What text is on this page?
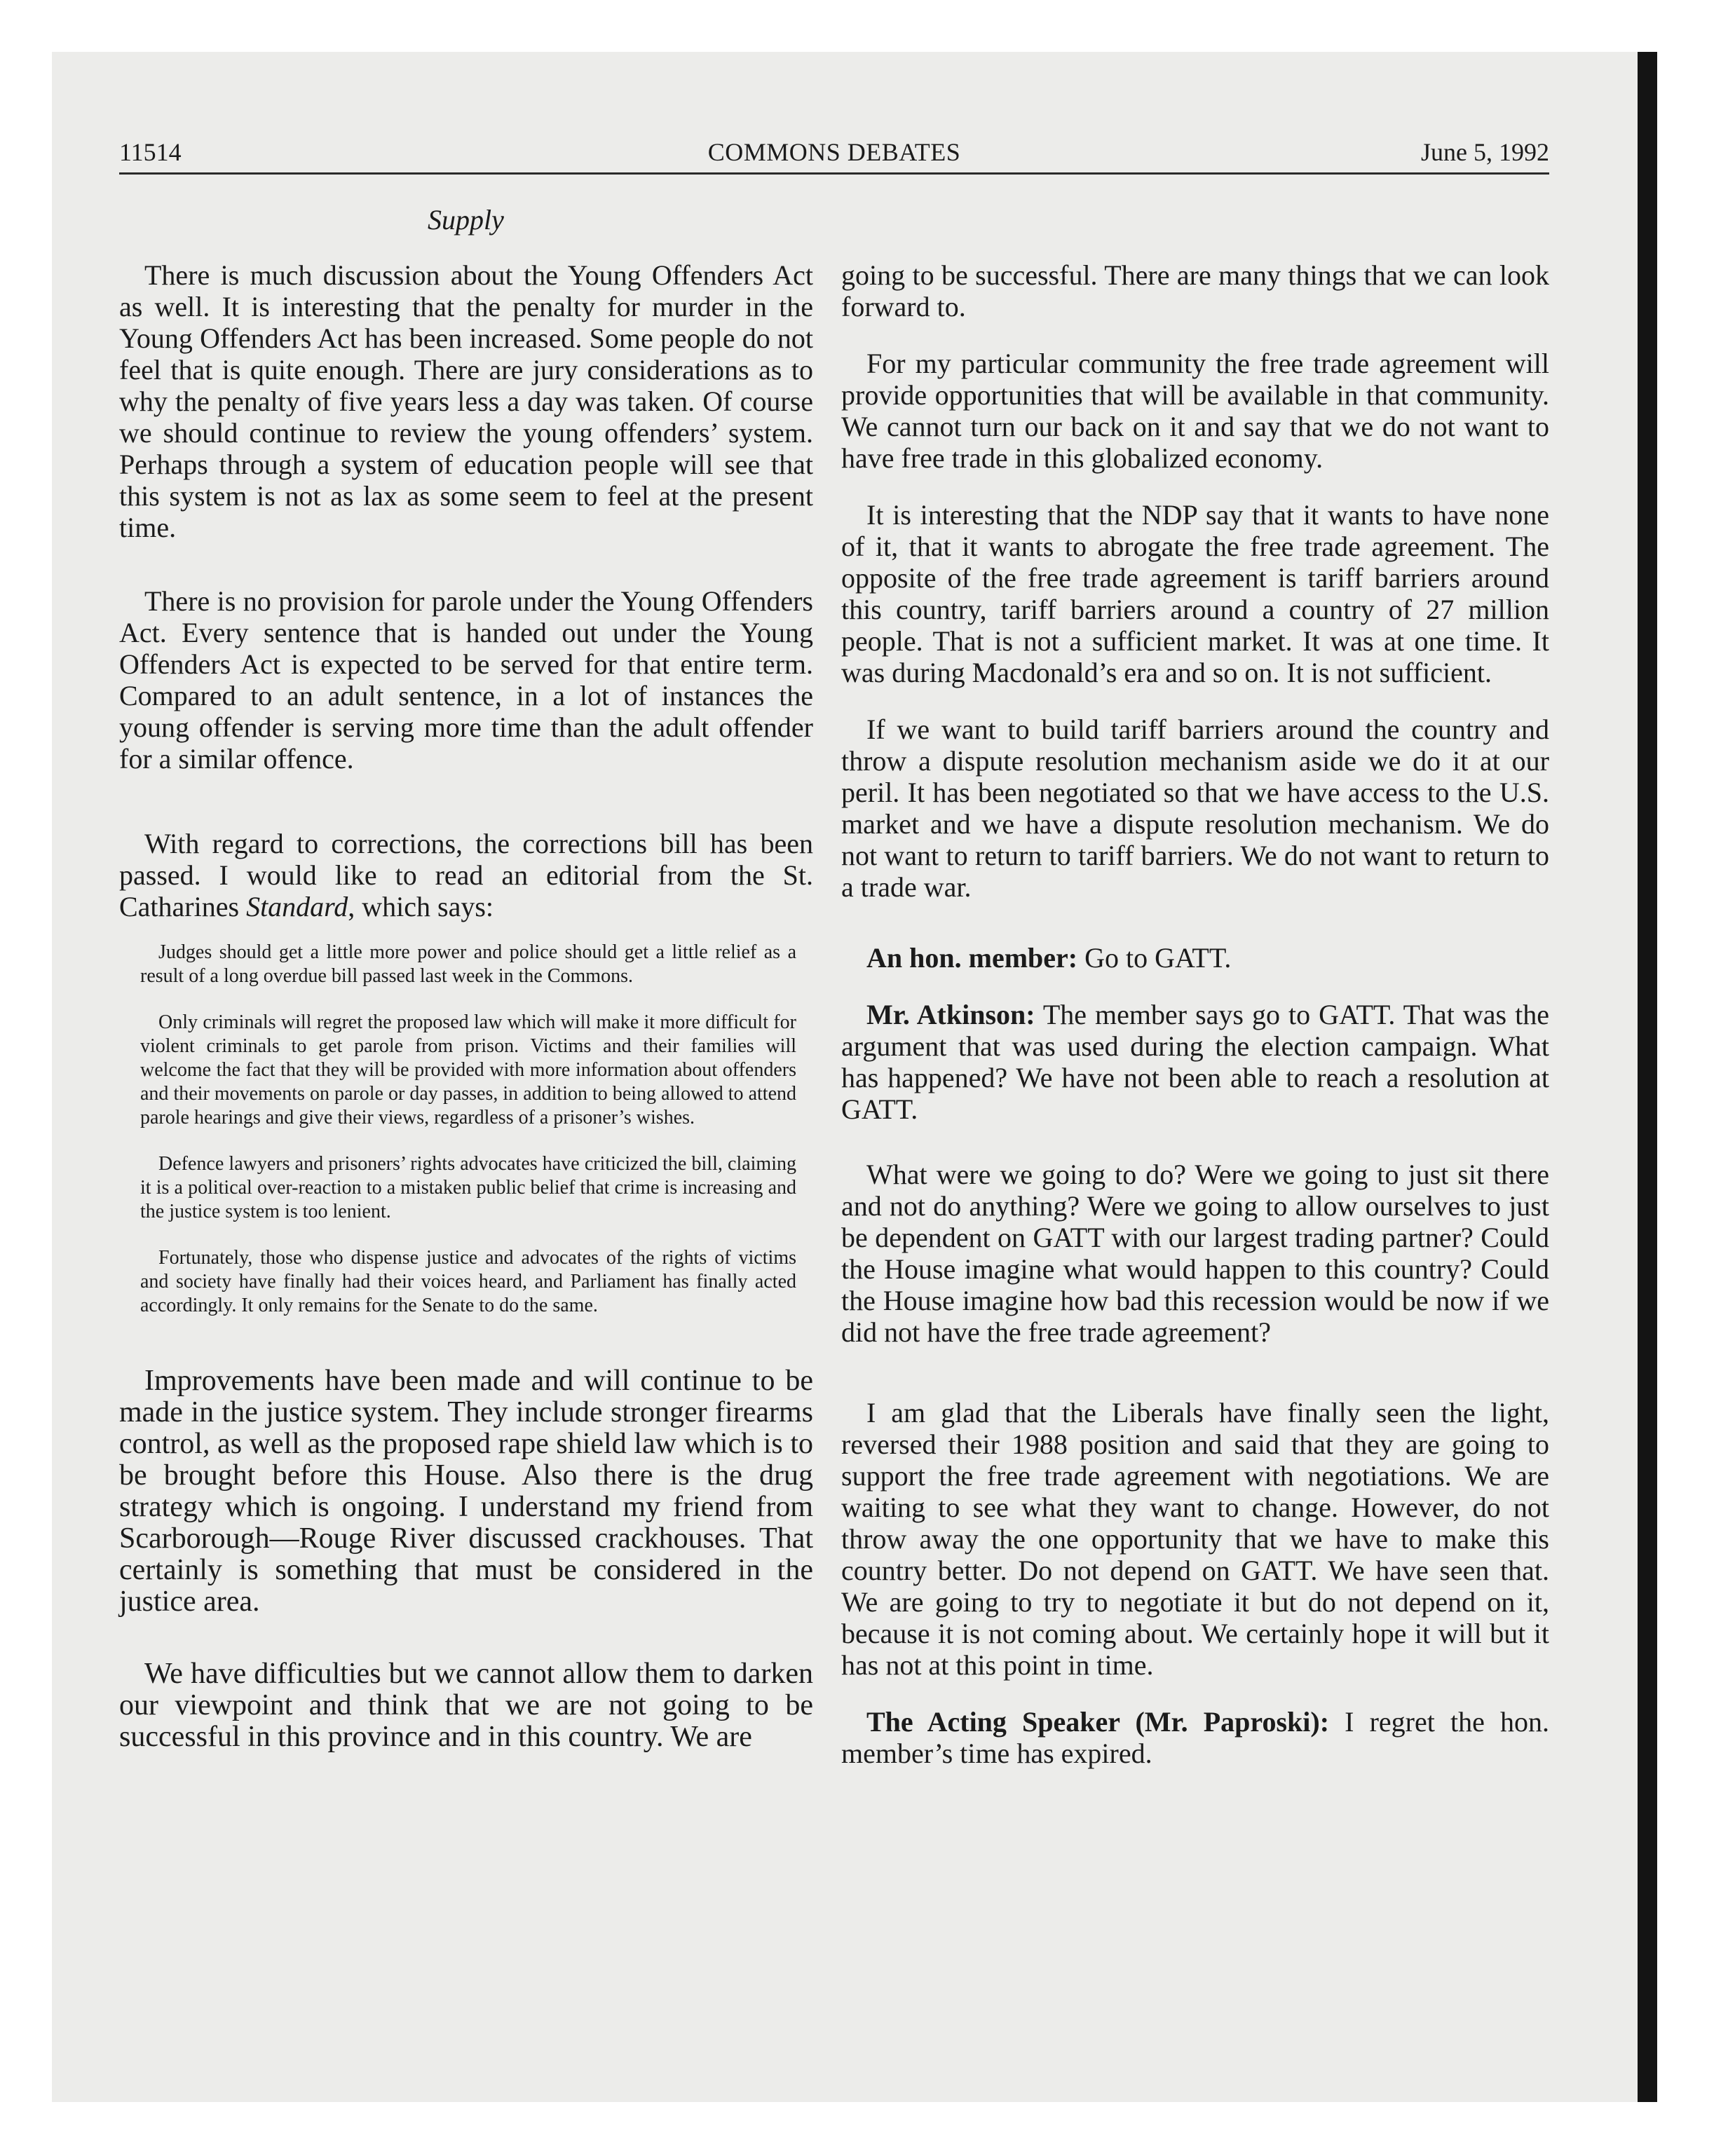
11514	COMMONS DEBATES	June 5, 1992
Supply

There is much discussion about the Young Offenders Act as well. It is interesting that the penalty for murder in the Young Offenders Act has been increased. Some people do not feel that is quite enough. There are jury considerations as to why the penalty of five years less a day was taken. Of course we should continue to review the young offenders’ system. Perhaps through a system of education people will see that this system is not as lax as some seem to feel at the present time.

There is no provision for parole under the Young Offenders Act. Every sentence that is handed out under the Young Offenders Act is expected to be served for that entire term. Compared to an adult sentence, in a lot of instances the young offender is serving more time than the adult offender for a similar offence.

With regard to corrections, the corrections bill has been passed. I would like to read an editorial from the St. Catharines Standard, which says:

Judges should get a little more power and police should get a little relief as a result of a long overdue bill passed last week in the Commons.

Only criminals will regret the proposed law which will make it more difficult for violent criminals to get parole from prison. Victims and their families will welcome the fact that they will be provided with more information about offenders and their movements on parole or day passes, in addition to being allowed to attend parole hearings and give their views, regardless of a prisoner’s wishes.

Defence lawyers and prisoners’ rights advocates have criticized the bill, claiming it is a political over-reaction to a mistaken public belief that crime is increasing and the justice system is too lenient.

Fortunately, those who dispense justice and advocates of the rights of victims and society have finally had their voices heard, and Parliament has finally acted accordingly. It only remains for the Senate to do the same.

Improvements have been made and will continue to be made in the justice system. They include stronger firearms control, as well as the proposed rape shield law which is to be brought before this House. Also there is the drug strategy which is ongoing. I understand my friend from Scarborough—Rouge River discussed crackhouses. That certainly is something that must be considered in the justice area.

We have difficulties but we cannot allow them to darken our viewpoint and think that we are not going to be successful in this province and in this country. We are

going to be successful. There are many things that we can look forward to.

For my particular community the free trade agreement will provide opportunities that will be available in that community. We cannot turn our back on it and say that we do not want to have free trade in this globalized economy.

It is interesting that the NDP say that it wants to have none of it, that it wants to abrogate the free trade agreement. The opposite of the free trade agreement is tariff barriers around this country, tariff barriers around a country of 27 million people. That is not a sufficient market. It was at one time. It was during Macdonald’s era and so on. It is not sufficient.

If we want to build tariff barriers around the country and throw a dispute resolution mechanism aside we do it at our peril. It has been negotiated so that we have access to the U.S. market and we have a dispute resolution mechanism. We do not want to return to tariff barriers. We do not want to return to a trade war.

An hon. member: Go to GATT.

Mr. Atkinson: The member says go to GATT. That was the argument that was used during the election campaign. What has happened? We have not been able to reach a resolution at GATT.

What were we going to do? Were we going to just sit there and not do anything? Were we going to allow ourselves to just be dependent on GATT with our largest trading partner? Could the House imagine what would happen to this country? Could the House imagine how bad this recession would be now if we did not have the free trade agreement?

I am glad that the Liberals have finally seen the light, reversed their 1988 position and said that they are going to support the free trade agreement with negotiations. We are waiting to see what they want to change. However, do not throw away the one opportunity that we have to make this country better. Do not depend on GATT. We have seen that. We are going to try to negotiate it but do not depend on it, because it is not coming about. We certainly hope it will but it has not at this point in time.

The Acting Speaker (Mr. Paproski): I regret the hon. member’s time has expired.
